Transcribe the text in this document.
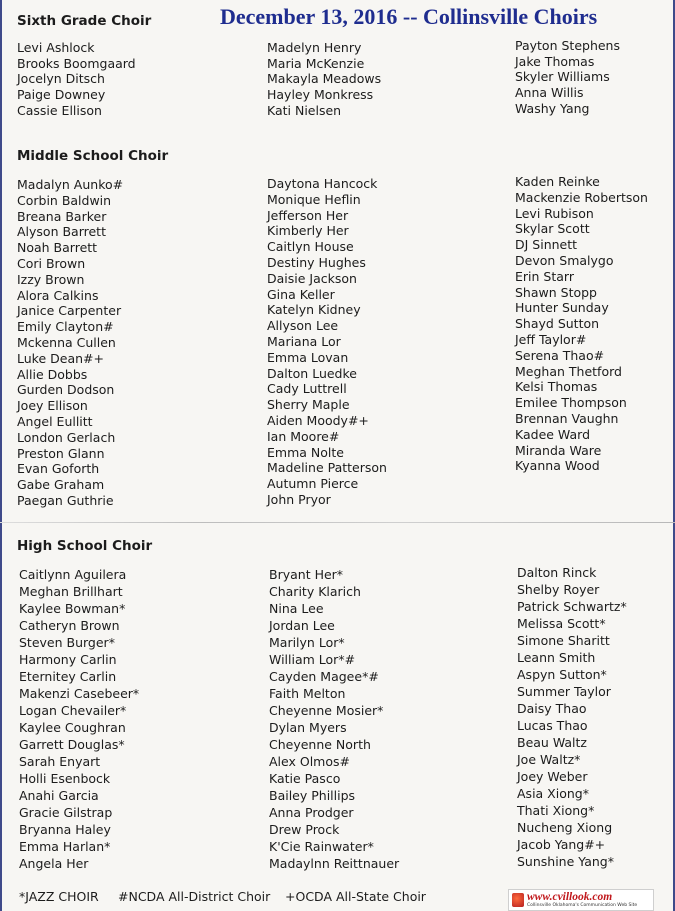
December 13, 2016 -- Collinsville Choirs
Sixth Grade Choir
Levi Ashlock
Brooks Boomgaard
Jocelyn Ditsch
Paige Downey
Cassie Ellison
Madelyn Henry
Maria McKenzie
Makayla Meadows
Hayley Monkress
Kati Nielsen
Payton Stephens
Jake Thomas
Skyler Williams
Anna Willis
Washy Yang
Middle School Choir
Madalyn Aunko#
Corbin Baldwin
Breana Barker
Alyson Barrett
Noah Barrett
Cori Brown
Izzy Brown
Alora Calkins
Janice Carpenter
Emily Clayton#
Mckenna Cullen
Luke Dean#+
Allie Dobbs
Gurden Dodson
Joey Ellison
Angel Eullitt
London Gerlach
Preston Glann
Evan Goforth
Gabe Graham
Paegan Guthrie
Daytona Hancock
Monique Heflin
Jefferson Her
Kimberly Her
Caitlyn House
Destiny Hughes
Daisie Jackson
Gina Keller
Katelyn Kidney
Allyson Lee
Mariana Lor
Emma Lovan
Dalton Luedke
Cady Luttrell
Sherry Maple
Aiden Moody#+
Ian Moore#
Emma Nolte
Madeline Patterson
Autumn Pierce
John Pryor
Kaden Reinke
Mackenzie Robertson
Levi Rubison
Skylar Scott
DJ Sinnett
Devon Smalygo
Erin Starr
Shawn Stopp
Hunter Sunday
Shayd Sutton
Jeff Taylor#
Serena Thao#
Meghan Thetford
Kelsi Thomas
Emilee Thompson
Brennan Vaughn
Kadee Ward
Miranda Ware
Kyanna Wood
High School Choir
Caitlynn Aguilera
Meghan Brillhart
Kaylee Bowman*
Catheryn Brown
Steven Burger*
Harmony Carlin
Eternitey Carlin
Makenzi Casebeer*
Logan Chevailer*
Kaylee Coughran
Garrett Douglas*
Sarah Enyart
Holli Esenbock
Anahi Garcia
Gracie Gilstrap
Bryanna Haley
Emma Harlan*
Angela Her
Bryant Her*
Charity Klarich
Nina Lee
Jordan Lee
Marilyn Lor*
William Lor*#
Cayden Magee*#
Faith Melton
Cheyenne Mosier*
Dylan Myers
Cheyenne North
Alex Olmos#
Katie Pasco
Bailey Phillips
Anna Prodger
Drew Prock
K'Cie Rainwater*
Madaylnn Reittnauer
Dalton Rinck
Shelby Royer
Patrick Schwartz*
Melissa Scott*
Simone Sharitt
Leann Smith
Aspyn Sutton*
Summer Taylor
Daisy Thao
Lucas Thao
Beau Waltz
Joe Waltz*
Joey Weber
Asia Xiong*
Thati Xiong*
Nucheng Xiong
Jacob Yang#+
Sunshine Yang*
*JAZZ CHOIR #NCDA All-District Choir +OCDA All-State Choir	www.cvillook.com
Collinsville Oklahoma's Communication Web Site
